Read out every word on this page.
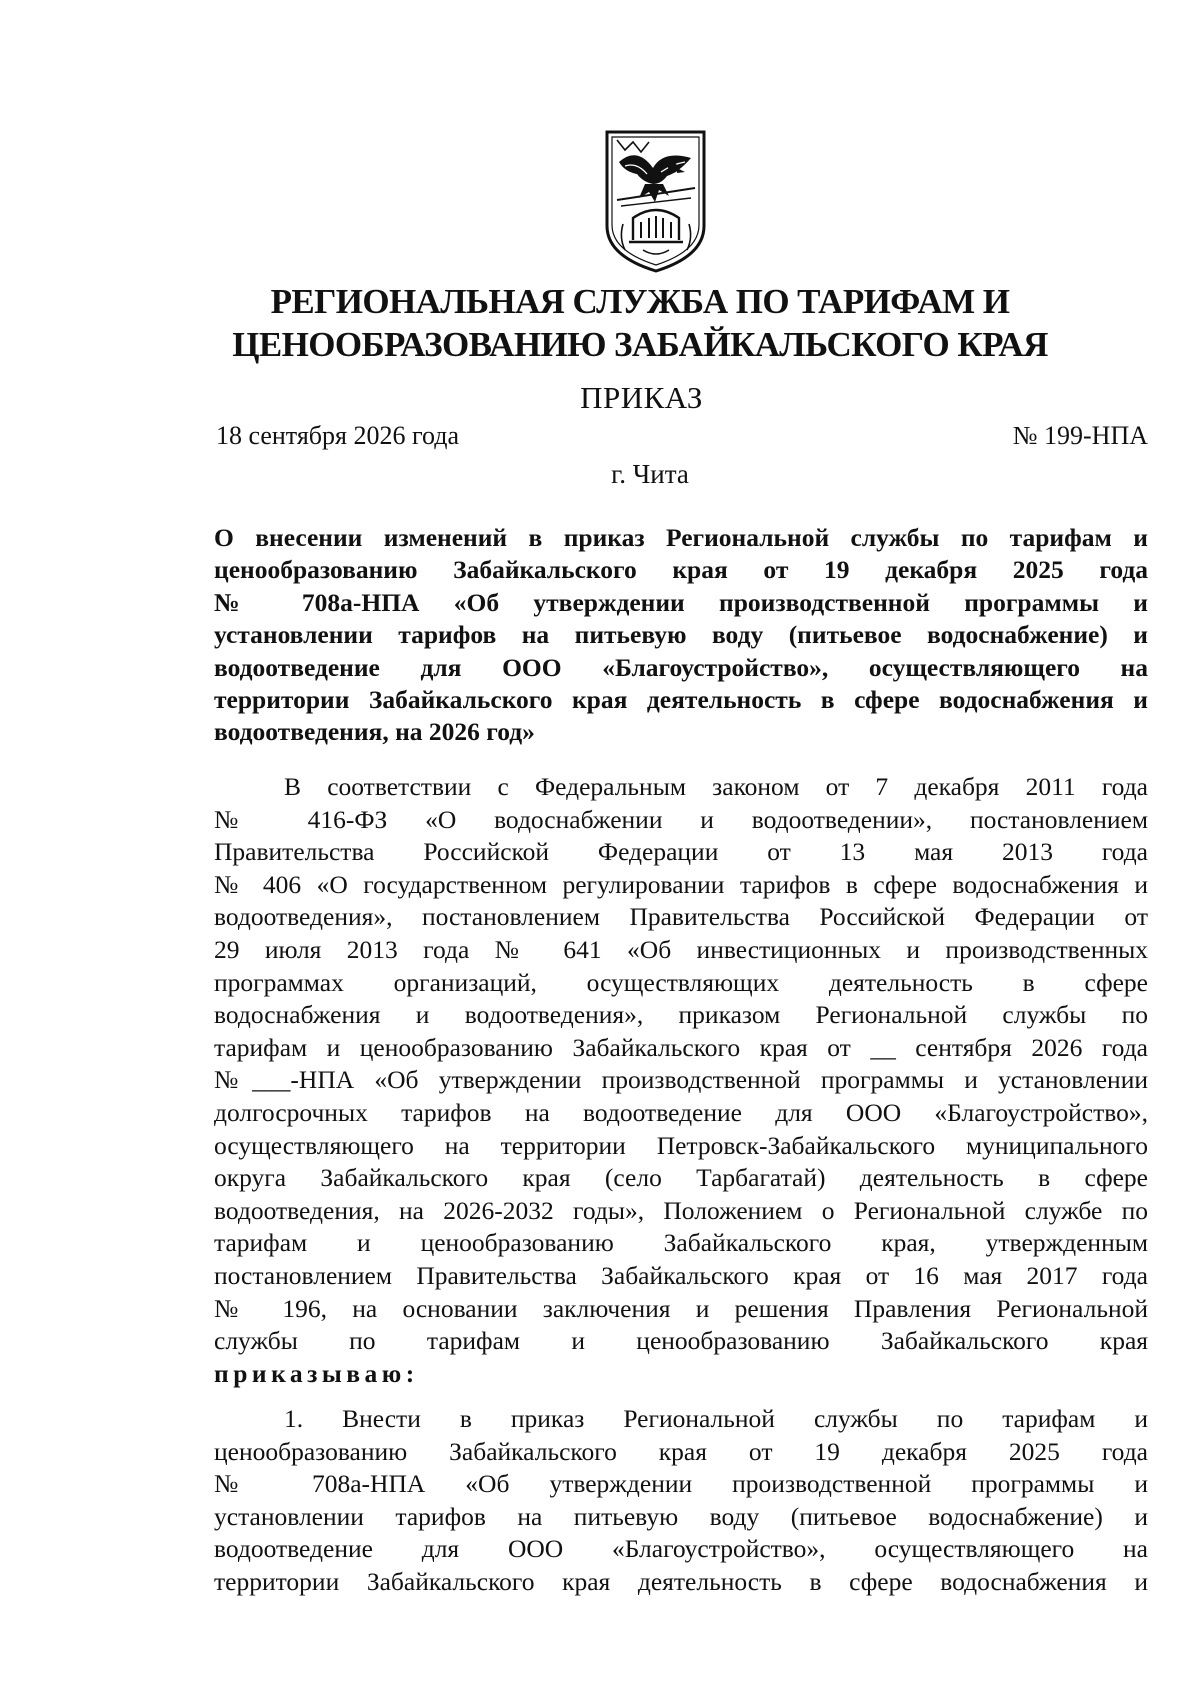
РЕГИОНАЛЬНАЯ СЛУЖБА ПО ТАРИФАМ И
ЦЕНООБРАЗОВАНИЮ ЗАБАЙКАЛЬСКОГО КРАЯ
ПРИКАЗ
18 сентября 2026 года	№ 199-НПА
г. Чита
О внесении изменений в приказ Региональной службы по тарифам и
ценообразованию Забайкальского края от 19 декабря 2025 года
№ 708а-НПА «Об утверждении производственной программы и
установлении тарифов на питьевую воду (питьевое водоснабжение) и
водоотведение для ООО «Благоустройство», осуществляющего на
территории Забайкальского края деятельность в сфере водоснабжения и
водоотведения, на 2026 год»
В соответствии с Федеральным законом от 7 декабря 2011 года
№ 416-ФЗ «О водоснабжении и водоотведении», постановлением
Правительства Российской Федерации от 13 мая 2013 года
№ 406 «О государственном регулировании тарифов в сфере водоснабжения и
водоотведения», постановлением Правительства Российской Федерации от
29 июля 2013 года № 641 «Об инвестиционных и производственных
программах организаций, осуществляющих деятельность в сфере
водоснабжения и водоотведения», приказом Региональной службы по
тарифам и ценообразованию Забайкальского края от __ сентября 2026 года
№___-НПА «Об утверждении производственной программы и установлении
долгосрочных тарифов на водоотведение для ООО «Благоустройство»,
осуществляющего на территории Петровск-Забайкальского муниципального
округа Забайкальского края (село Тарбагатай) деятельность в сфере
водоотведения, на 2026-2032 годы», Положением о Региональной службе по
тарифам и ценообразованию Забайкальского края, утвержденным
постановлением Правительства Забайкальского края от 16 мая 2017 года
№ 196, на основании заключения и решения Правления Региональной
службы по тарифам и ценообразованию Забайкальского края
приказываю:
1. Внести в приказ Региональной службы по тарифам и
ценообразованию Забайкальского края от 19 декабря 2025 года
№ 708а-НПА «Об утверждении производственной программы и
установлении тарифов на питьевую воду (питьевое водоснабжение) и
водоотведение для ООО «Благоустройство», осуществляющего на
территории Забайкальского края деятельность в сфере водоснабжения и
